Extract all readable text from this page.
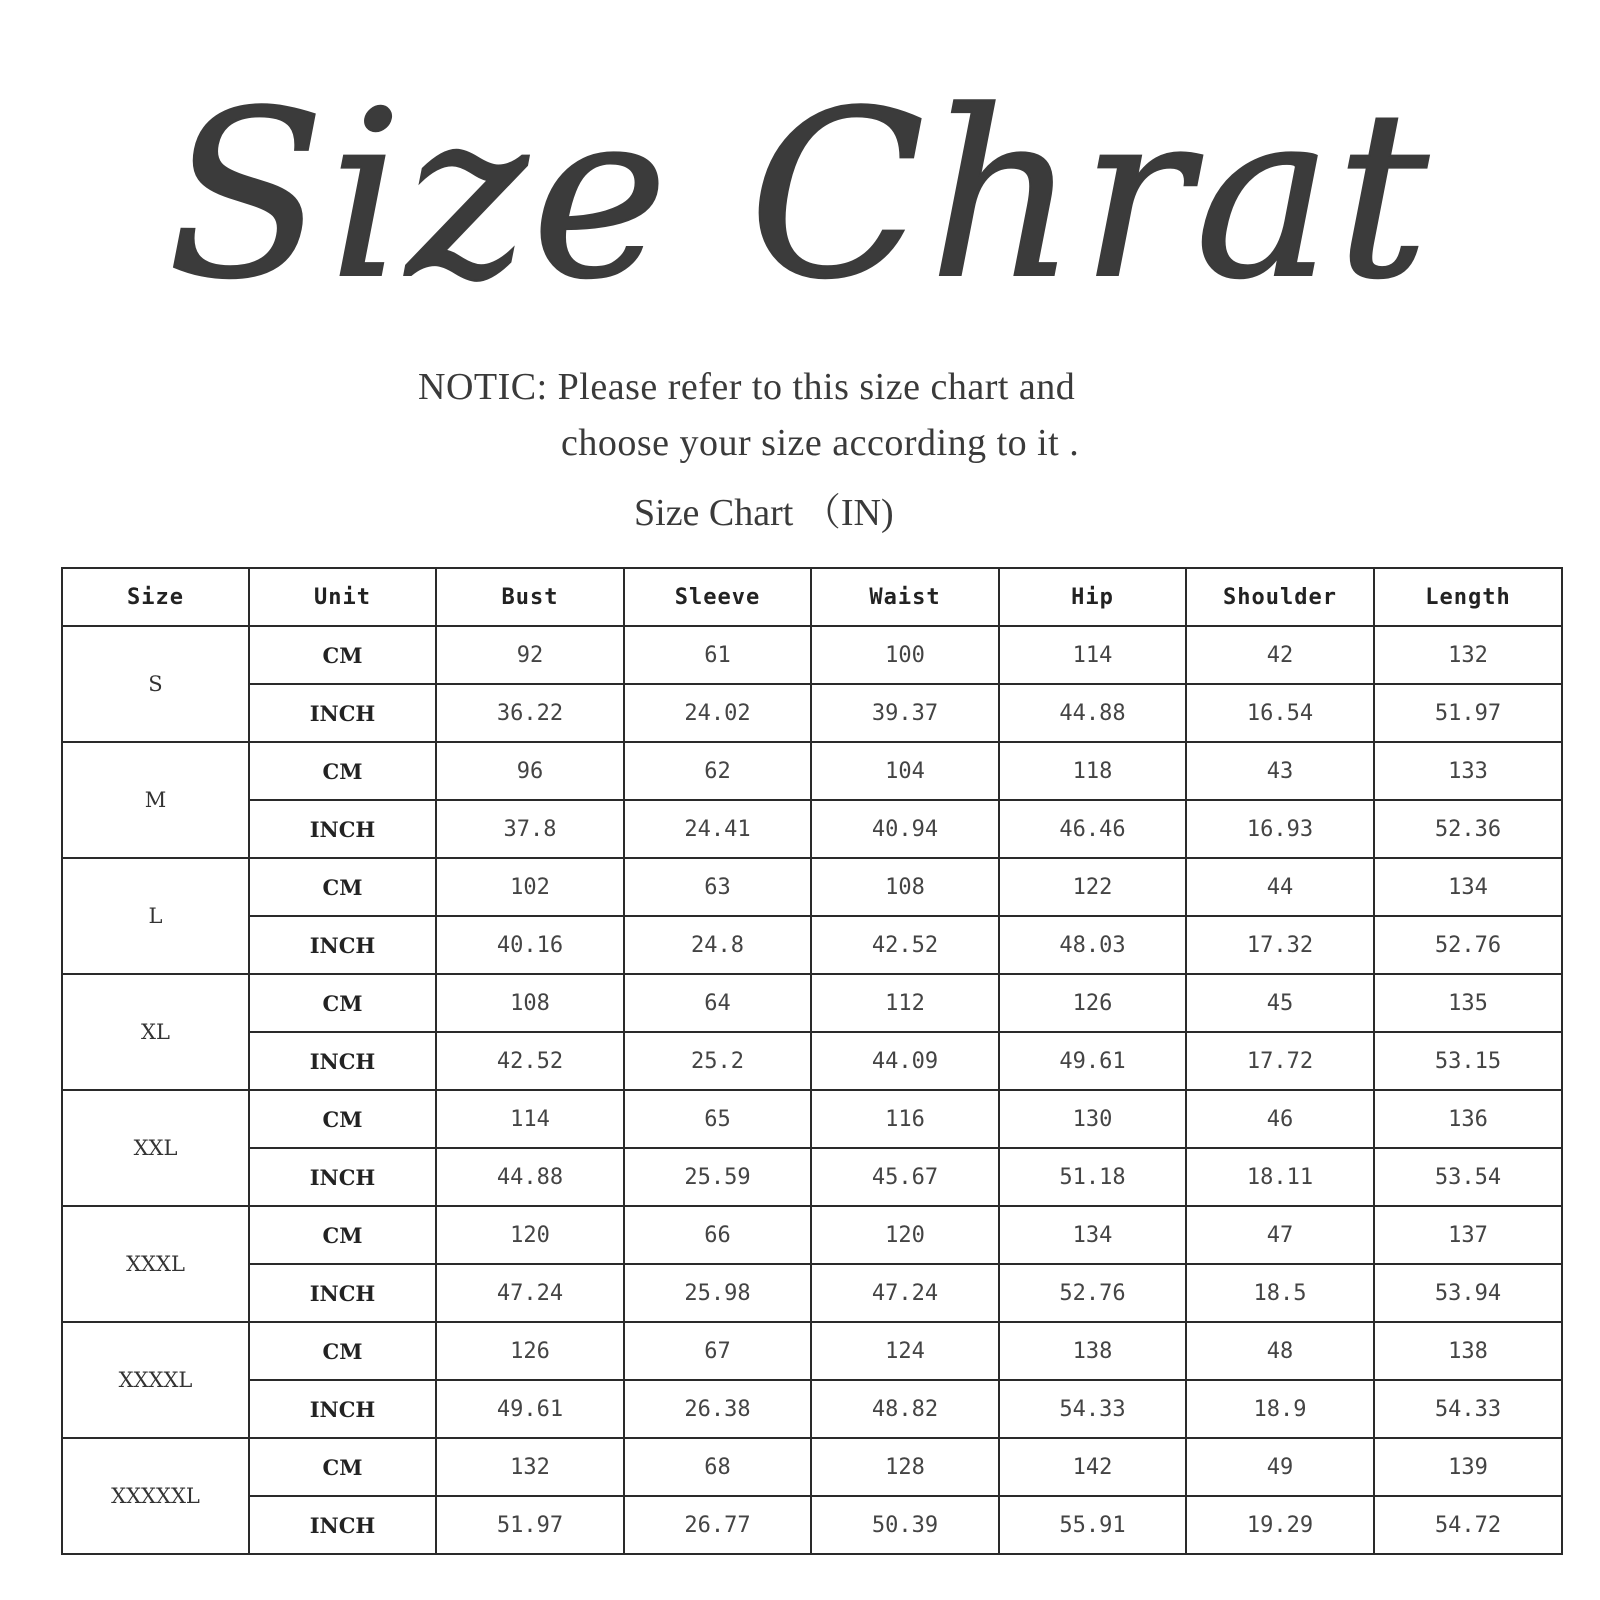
Size Chrat
NOTIC: Please refer to this size chart and
choose your size according to it .
Size Chart （IN)
Size	Unit	Bust	Sleeve	Waist	Hip	Shoulder	Length
S	CM	92	61	100	114	42	132
	INCH	36.22	24.02	39.37	44.88	16.54	51.97
M	CM	96	62	104	118	43	133
	INCH	37.8	24.41	40.94	46.46	16.93	52.36
L	CM	102	63	108	122	44	134
	INCH	40.16	24.8	42.52	48.03	17.32	52.76
XL	CM	108	64	112	126	45	135
	INCH	42.52	25.2	44.09	49.61	17.72	53.15
XXL	CM	114	65	116	130	46	136
	INCH	44.88	25.59	45.67	51.18	18.11	53.54
XXXL	CM	120	66	120	134	47	137
	INCH	47.24	25.98	47.24	52.76	18.5	53.94
XXXXL	CM	126	67	124	138	48	138
	INCH	49.61	26.38	48.82	54.33	18.9	54.33
XXXXXL	CM	132	68	128	142	49	139
	INCH	51.97	26.77	50.39	55.91	19.29	54.72
